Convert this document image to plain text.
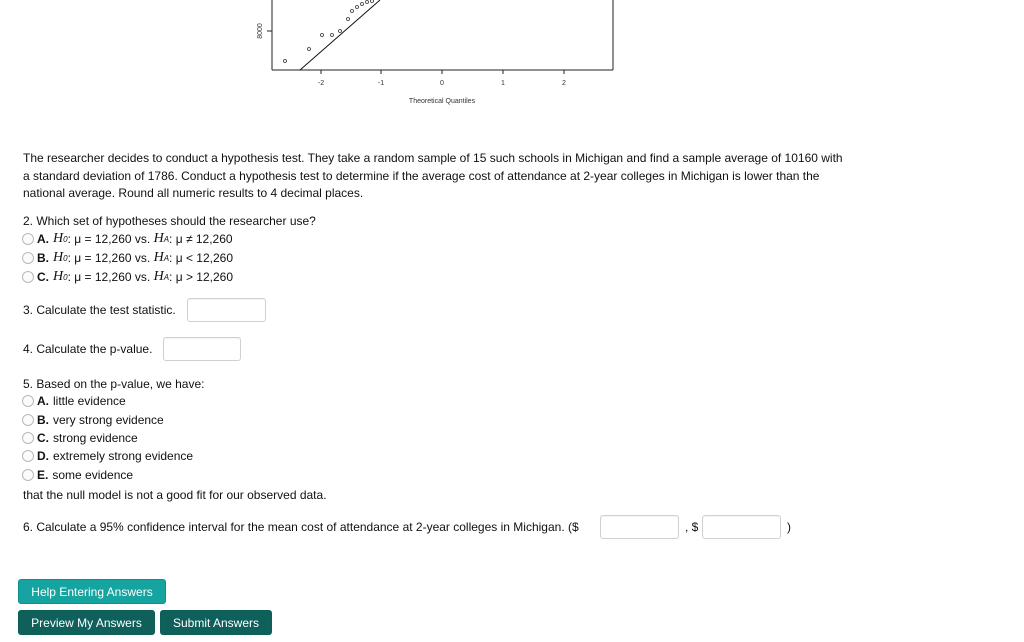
8000
-2	-1	0	1	2
Theoretical Quantiles
The researcher decides to conduct a hypothesis test. They take a random sample of 15 such schools in Michigan and find a sample average of 10160 with a standard deviation of 1786. Conduct a hypothesis test to determine if the average cost of attendance at 2-year colleges in Michigan is lower than the national average. Round all numeric results to 4 decimal places.
2. Which set of hypotheses should the researcher use?
A. H 0 : μ = 12,260 vs.
H A : μ ≠ 12,260
B. H 0 : μ = 12,260 vs.
H A : μ < 12,260
C. H 0 : μ = 12,260 vs.
H A : μ > 12,260
3. Calculate the test statistic.
4. Calculate the p-value.
5. Based on the p-value, we have:
A. little evidence
B. very strong evidence
C. strong evidence
D. extremely strong evidence
E. some evidence
that the null model is not a good fit for our observed data.
6. Calculate a 95% confidence interval for the mean cost of attendance at 2-year colleges in Michigan. ($	, $	)
Help Entering Answers
Preview My Answers	Submit Answers
